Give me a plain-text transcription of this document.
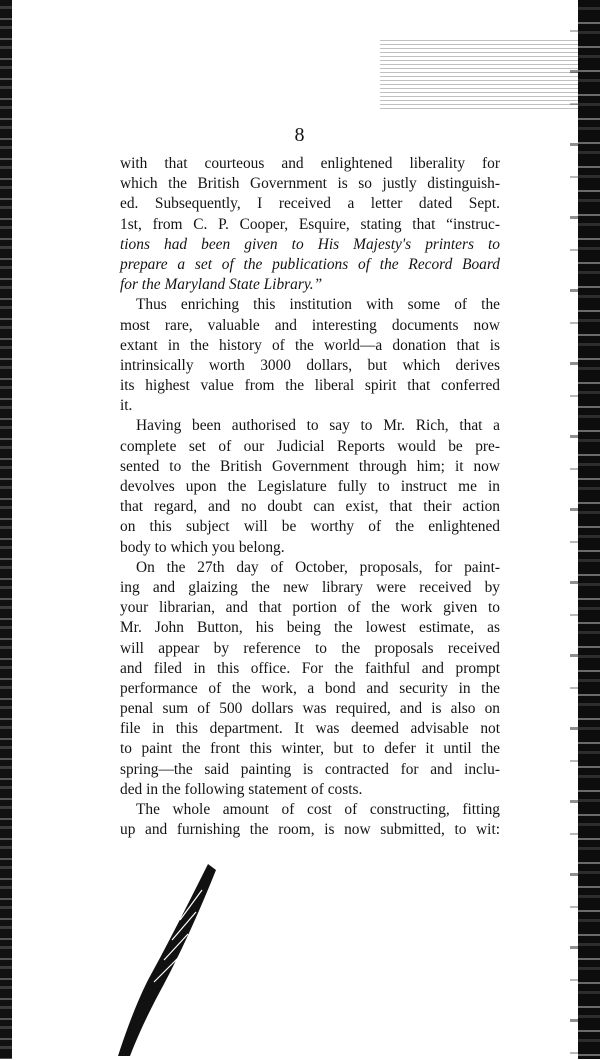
8
with that courteous and enlightened liberality for
which the British Government is so justly distinguish-
ed. Subsequently, I received a letter dated Sept.
1st, from C. P. Cooper, Esquire, stating that “instruc-
tions had been given to His Majesty's printers to
prepare a set of the publications of the Record Board
for the Maryland State Library.”
Thus enriching this institution with some of the
most rare, valuable and interesting documents now
extant in the history of the world—a donation that is
intrinsically worth 3000 dollars, but which derives
its highest value from the liberal spirit that conferred
it.
Having been authorised to say to Mr. Rich, that a
complete set of our Judicial Reports would be pre-
sented to the British Government through him; it now
devolves upon the Legislature fully to instruct me in
that regard, and no doubt can exist, that their action
on this subject will be worthy of the enlightened
body to which you belong.
On the 27th day of October, proposals, for paint-
ing and glaizing the new library were received by
your librarian, and that portion of the work given to
Mr. John Button, his being the lowest estimate, as
will appear by reference to the proposals received
and filed in this office. For the faithful and prompt
performance of the work, a bond and security in the
penal sum of 500 dollars was required, and is also on
file in this department. It was deemed advisable not
to paint the front this winter, but to defer it until the
spring—the said painting is contracted for and inclu-
ded in the following statement of costs.
The whole amount of cost of constructing, fitting
up and furnishing the room, is now submitted, to wit:
